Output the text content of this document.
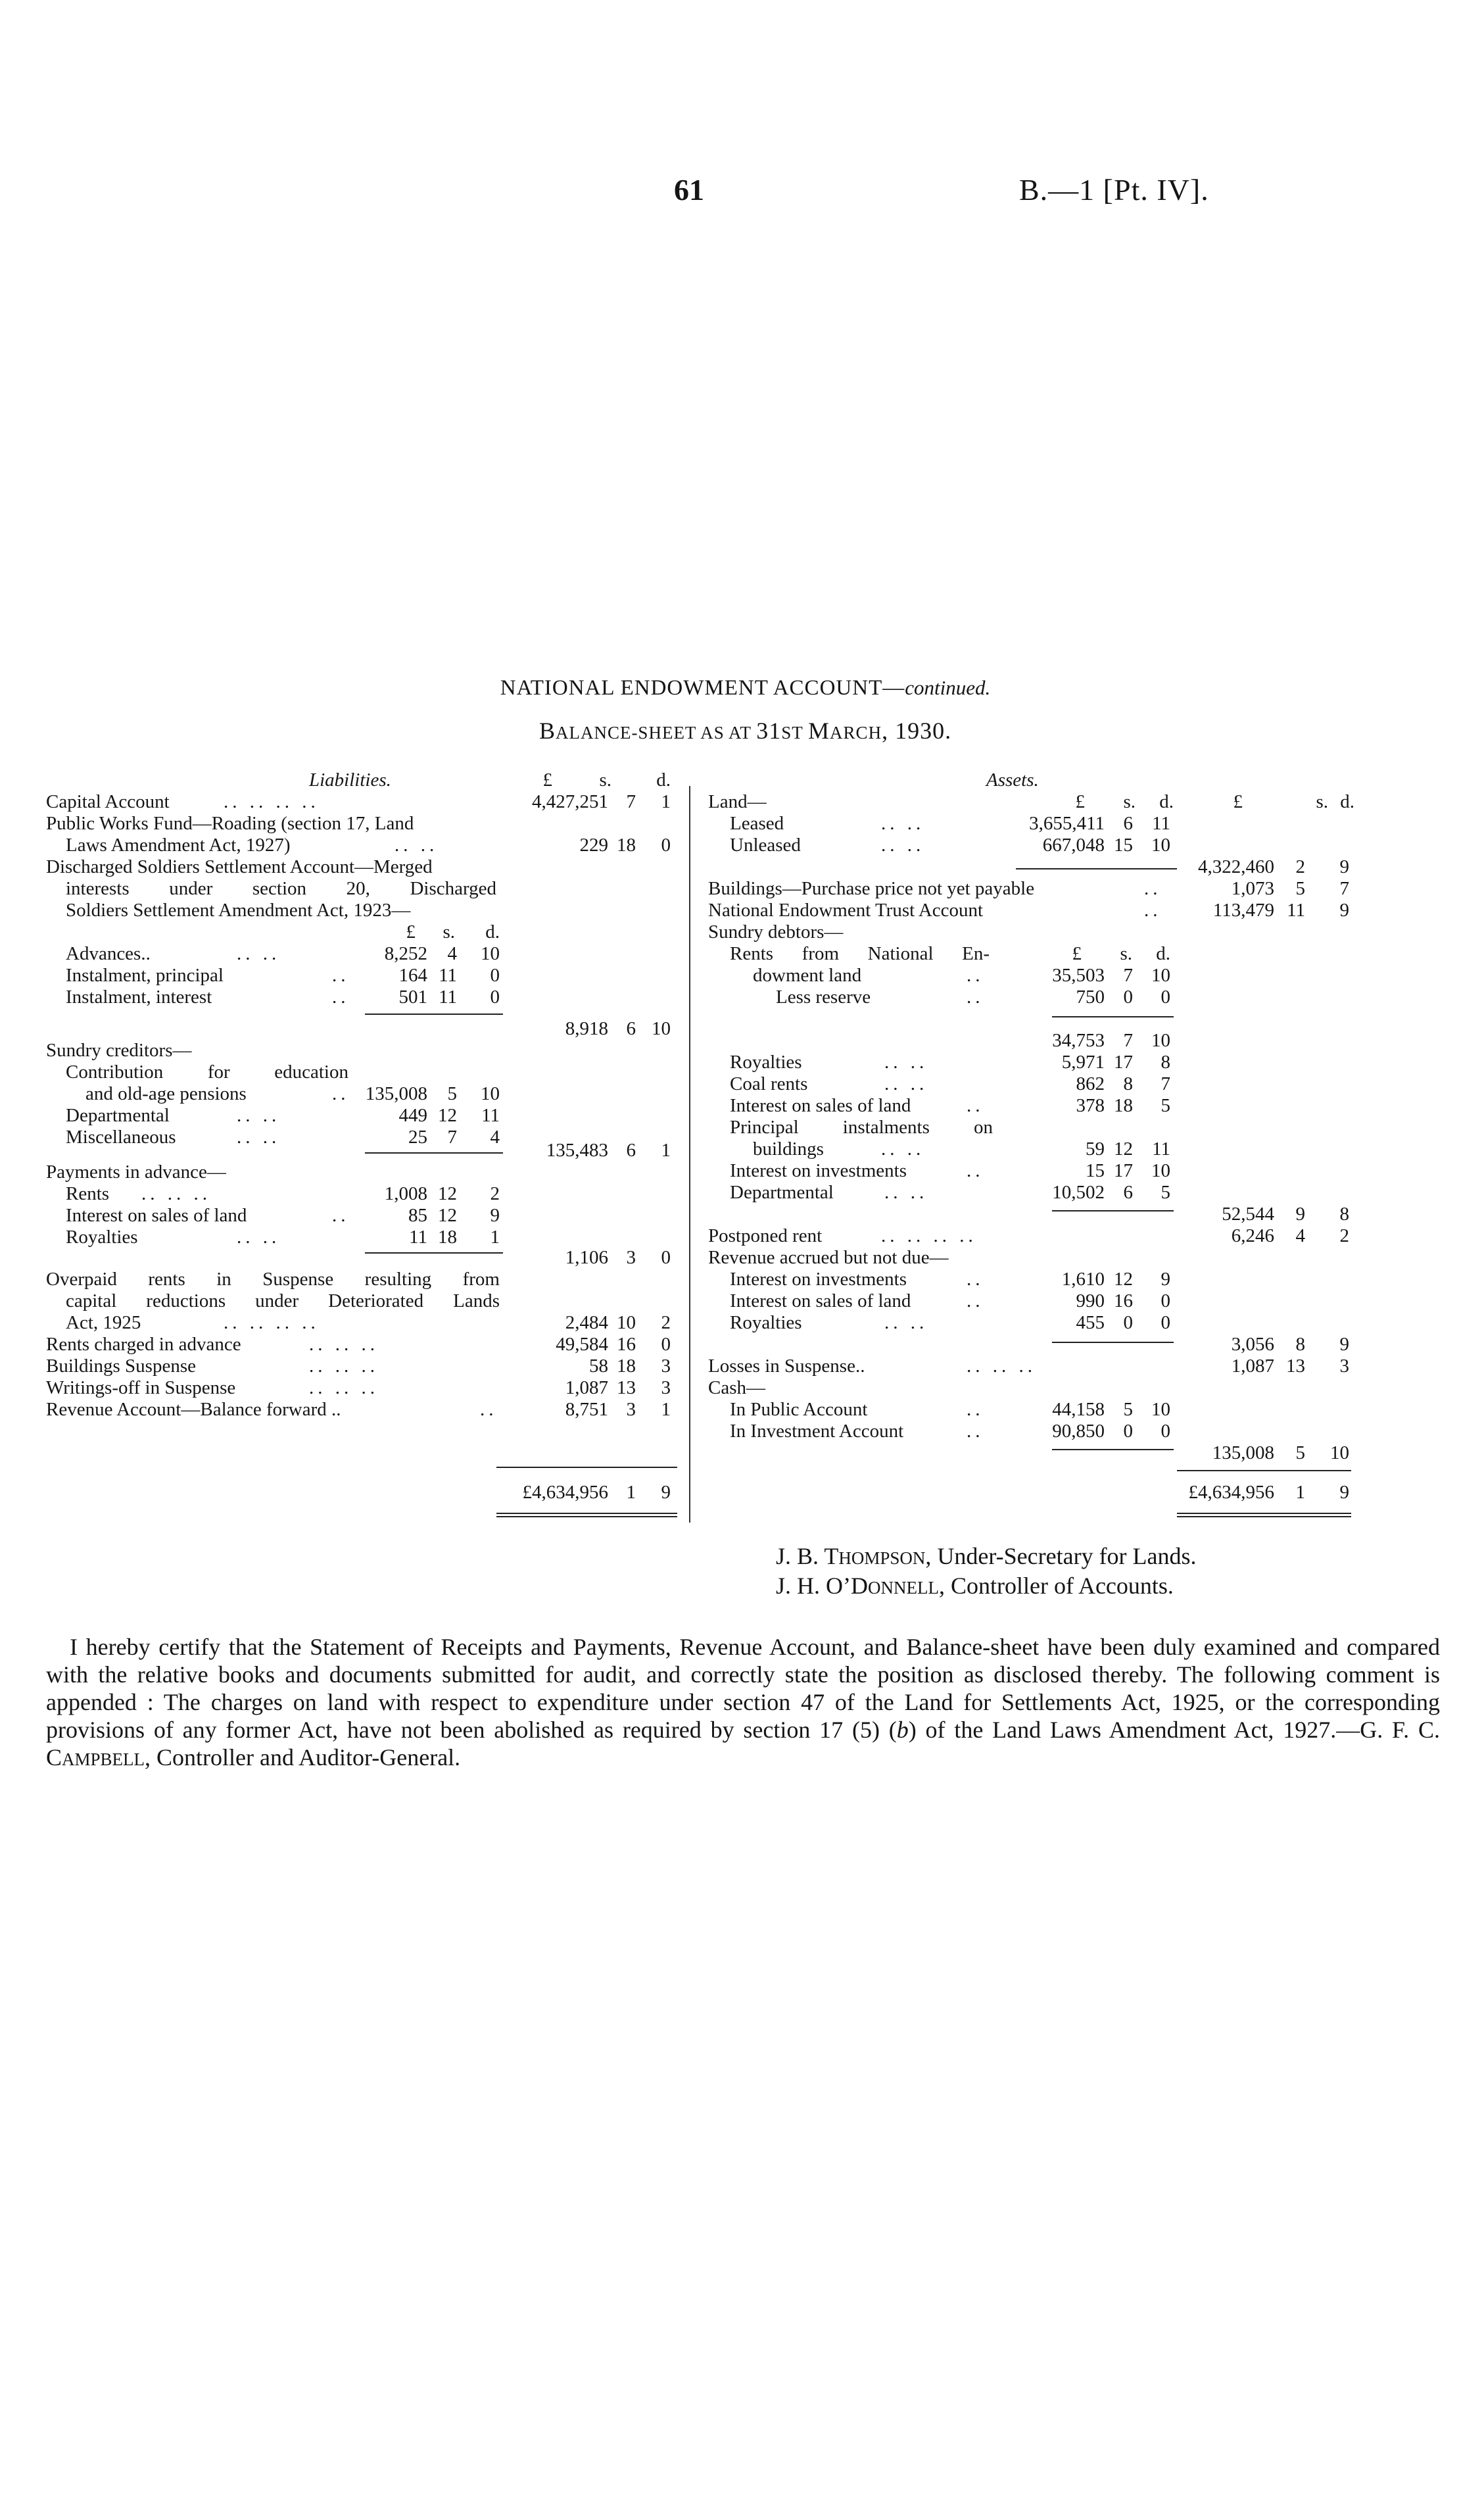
61	B.—1 [Pt. IV].
NATIONAL ENDOWMENT ACCOUNT—continued.
BALANCE-SHEET AS AT 31ST MARCH, 1930.
Liabilities.	£	s.	d.
Capital Account	.. .. .. ..	4,427,251 7	1
Public Works Fund—Roading (section 17, Land
Laws Amendment Act, 1927)	.. ..	229 18	0
Discharged Soldiers Settlement Account—Merged
interests under section 20, Discharged
Soldiers Settlement Amendment Act, 1923—
£	s.	d.
Advances..	.. ..	8,252	4	10
Instalment, principal	..	164 11	0
Instalment, interest	..	501 11	0
8,918 6 10
Sundry creditors—
Contribution for education
and old-age pensions	.. 135,008	5	10
Departmental	.. ..	449 12	11
Miscellaneous	.. ..	25	7	4
135,483 6	1
Payments in advance—
Rents .. .. ..	1,008 12	2
Interest on sales of land	..	85 12	9
Royalties	.. ..	11 18	1
1,106 3	0
Overpaid rents in Suspense resulting from
capital reductions under Deteriorated Lands
Act, 1925	.. .. .. ..	2,484 10	2
Rents charged in advance	.. .. ..	49,584 16	0
Buildings Suspense	.. .. ..	58 18	3
Writings-off in Suspense	.. .. ..	1,087 13	3
Revenue Account—Balance forward ..	..	8,751 3	1
£4,634,956 1	9
Assets.
£	s.	d.	£	s. d.
Land—
Leased	.. ..	3,655,411 6	11
Unleased	.. ..	667,048 15 10
4,322,460	2	9
Buildings—Purchase price not yet payable	..	1,073	5	7
National Endowment Trust Account	..	113,479 11	9
Sundry debtors—
Rents from National En-	£	s.	d.
dowment land	..	35,503 7 10
Less reserve	..	750 0	0
34,753 7 10
Royalties	.. ..	5,971 17	8
Coal rents	.. ..	862 8	7
Interest on sales of land	..	378 18	5
Principal instalments on
buildings	.. ..	59 12	11
Interest on investments	..	15 17 10
Departmental	.. ..	10,502 6	5
52,544	9	8
Postponed rent	.. .. .. ..	6,246	4	2
Revenue accrued but not due—
Interest on investments	..	1,610 12	9
Interest on sales of land	..	990 16	0
Royalties	.. ..	455 0	0
3,056	8	9
Losses in Suspense..	.. .. ..	1,087 13	3
Cash—
In Public Account	..	44,158 5 10
In Investment Account	..	90,850 0	0
135,008	5	10
£4,634,956	1	9
J. B. THOMPSON, Under-Secretary for Lands.
J. H. O’DONNELL, Controller of Accounts.
I hereby certify that the Statement of Receipts and Payments, Revenue Account, and Balance-sheet have been duly examined and compared with the relative books and documents submitted for audit, and correctly state the position as disclosed thereby. The following comment is appended : The charges on land with respect to expenditure under section 47 of the Land for Settlements Act, 1925, or the corresponding provisions of any former Act, have not been abolished as required by section 17 (5) (b) of the Land Laws Amendment Act, 1927.—G. F. C. CAMPBELL, Controller and Auditor-General.
